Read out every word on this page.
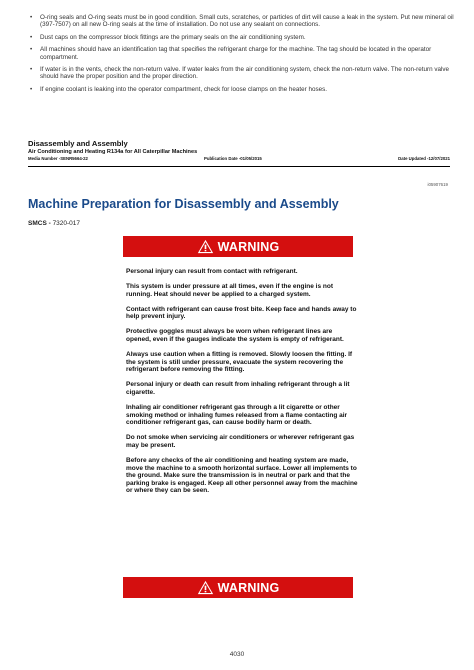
• O-ring seals and O-ring seats must be in good condition. Small cuts, scratches, or particles of dirt will cause a leak in the system. Put new mineral oil (397-7507) on all new O-ring seals at the time of installation. Do not use any sealant on connections.
• Dust caps on the compressor block fittings are the primary seals on the air conditioning system.
• All machines should have an identification tag that specifies the refrigerant charge for the machine. The tag should be located in the operator compartment.
• If water is in the vents, check the non-return valve. If water leaks from the air conditioning system, check the non-return valve. The non-return valve should have the proper position and the proper direction.
• If engine coolant is leaking into the operator compartment, check for loose clamps on the heater hoses.
Disassembly and Assembly
Air Conditioning and Heating R134a for All Caterpillar Machines
Media Number -SENR5664-22	Publication Date -01/05/2015	Date Updated -12/07/2021
i05907619
Machine Preparation for Disassembly and Assembly
SMCS - 7320-017
WARNING

Personal injury can result from contact with refrigerant.

This system is under pressure at all times, even if the engine is not running. Heat should never be applied to a charged system.

Contact with refrigerant can cause frost bite. Keep face and hands away to help prevent injury.

Protective goggles must always be worn when refrigerant lines are opened, even if the gauges indicate the system is empty of refrigerant.

Always use caution when a fitting is removed. Slowly loosen the fitting. If the system is still under pressure, evacuate the system recovering the refrigerant before removing the fitting.

Personal injury or death can result from inhaling refrigerant through a lit cigarette.

Inhaling air conditioner refrigerant gas through a lit cigarette or other smoking method or inhaling fumes released from a flame contacting air conditioner refrigerant gas, can cause bodily harm or death.

Do not smoke when servicing air conditioners or wherever refrigerant gas may be present.

Before any checks of the air conditioning and heating system are made, move the machine to a smooth horizontal surface. Lower all implements to the ground. Make sure the transmission is in neutral or park and that the parking brake is engaged. Keep all other personnel away from the machine or where they can be seen.

WARNING
4030
